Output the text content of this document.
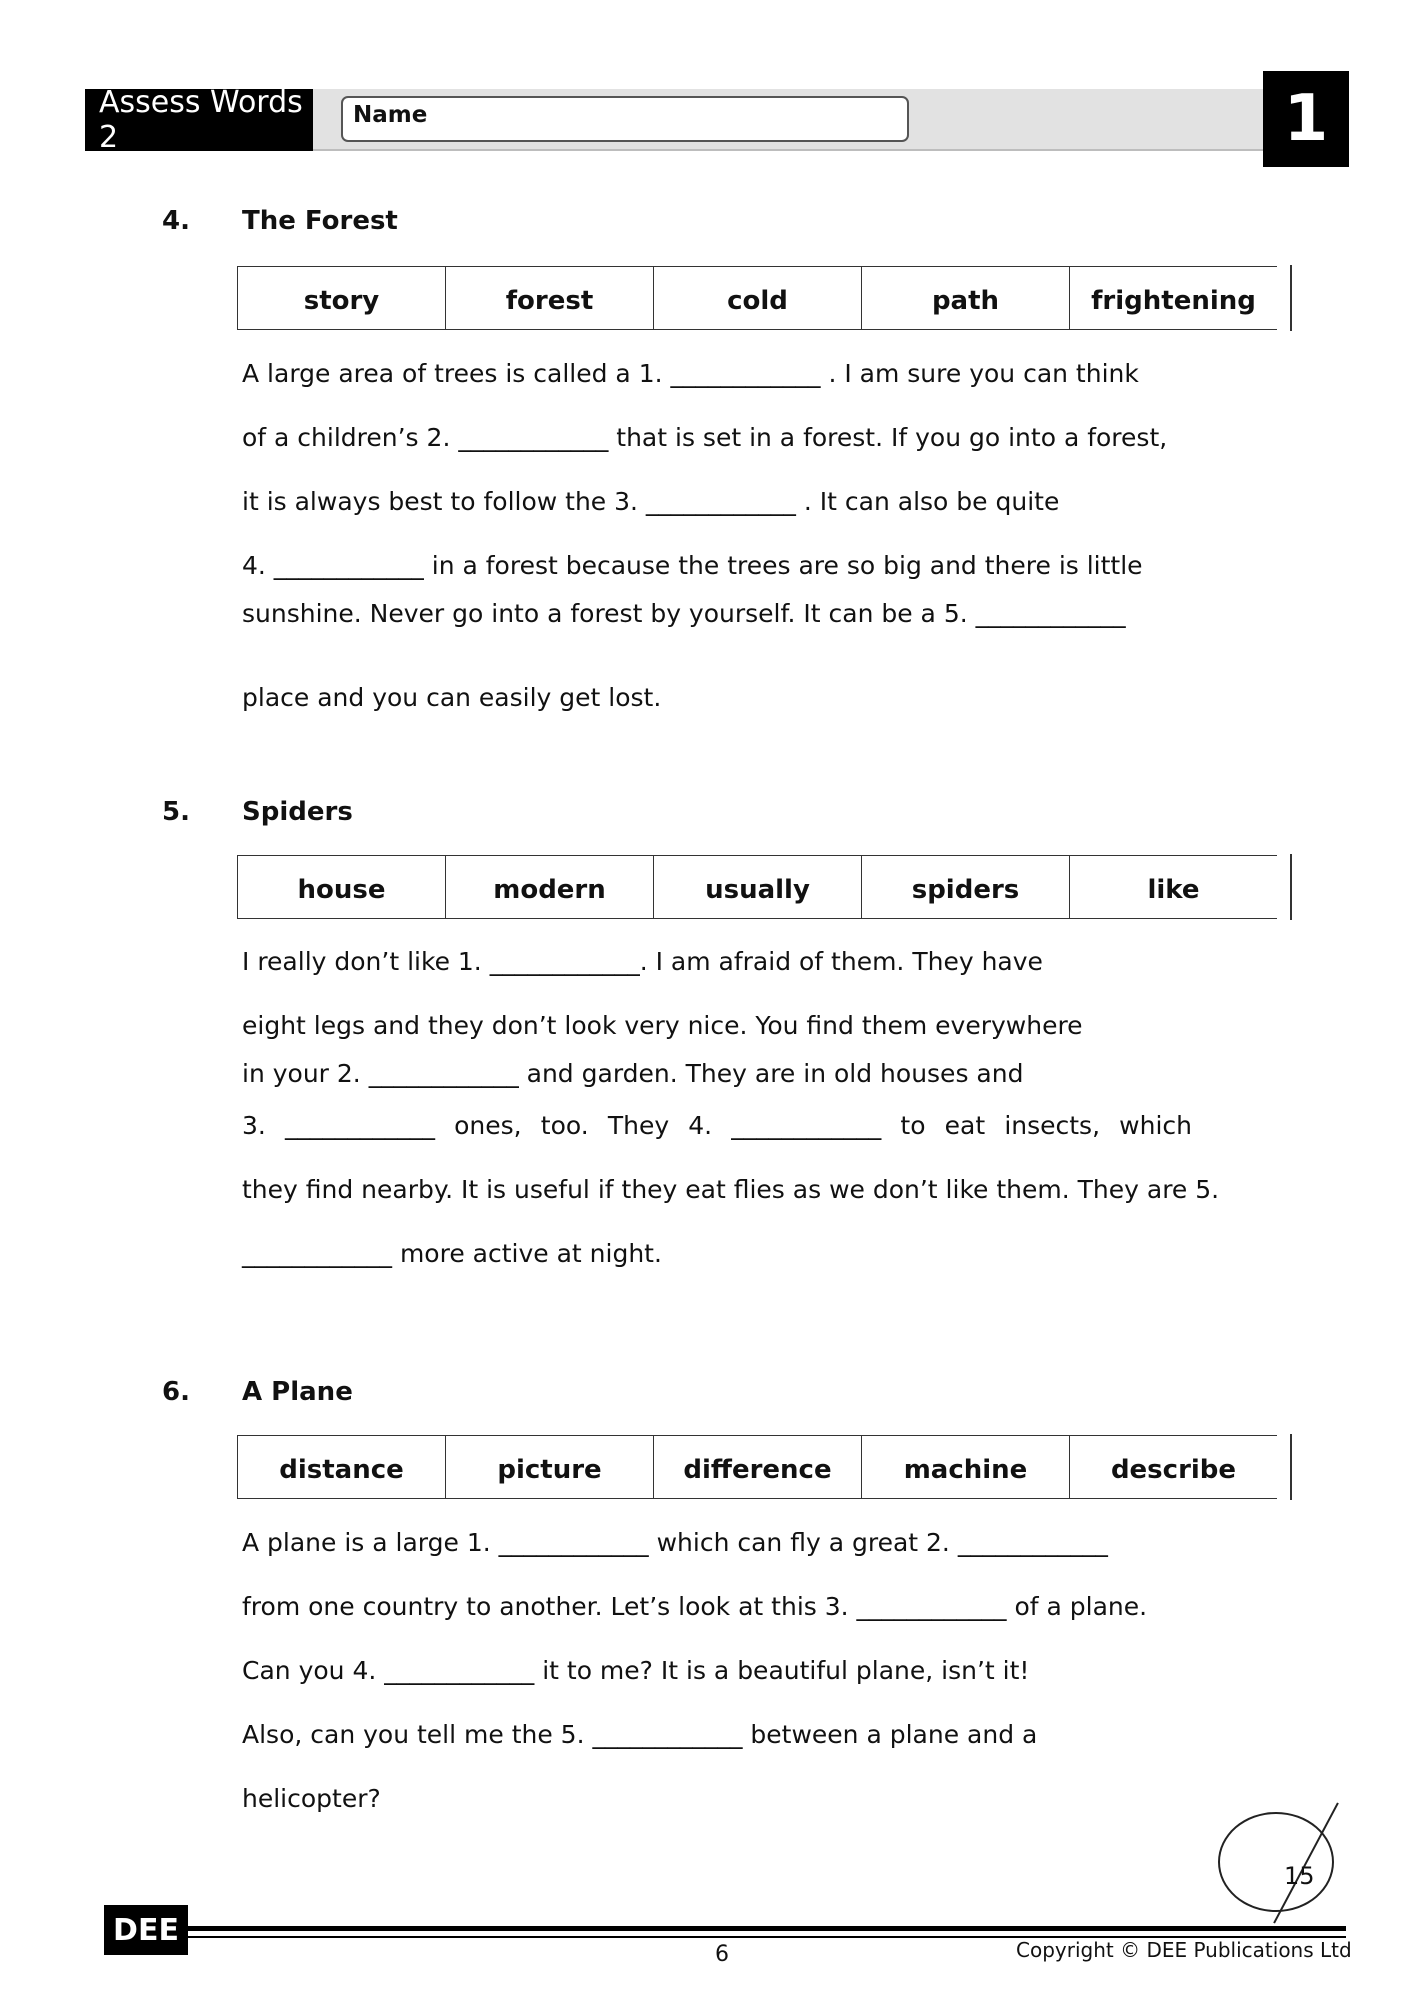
Assess Words 2
Name	1
4. The Forest
story	forest	cold	path	frightening
A large area of trees is called a 1. ____________ . I am sure you can think
of a children’s 2. ____________ that is set in a forest. If you go into a forest,
it is always best to follow the 3. ____________ . It can also be quite
4. ____________ in a forest because the trees are so big and there is little
sunshine. Never go into a forest by yourself. It can be a 5. ____________
place and you can easily get lost.
5. Spiders
house	modern	usually	spiders	like
I really don’t like 1. ____________. I am afraid of them. They have
eight legs and they don’t look very nice. You find them everywhere
in your 2. ____________ and garden. They are in old houses and
3. ____________ ones, too. They 4. ____________ to eat insects, which
they find nearby. It is useful if they eat flies as we don’t like them. They are 5.
____________ more active at night.
6. A Plane
distance	picture	difference	machine	describe
A plane is a large 1. ____________ which can fly a great 2. ____________
from one country to another. Let’s look at this 3. ____________ of a plane.
Can you 4. ____________ it to me? It is a beautiful plane, isn’t it!
Also, can you tell me the 5. ____________ between a plane and a
helicopter?
15
DEE
6	Copyright © DEE Publications Ltd
